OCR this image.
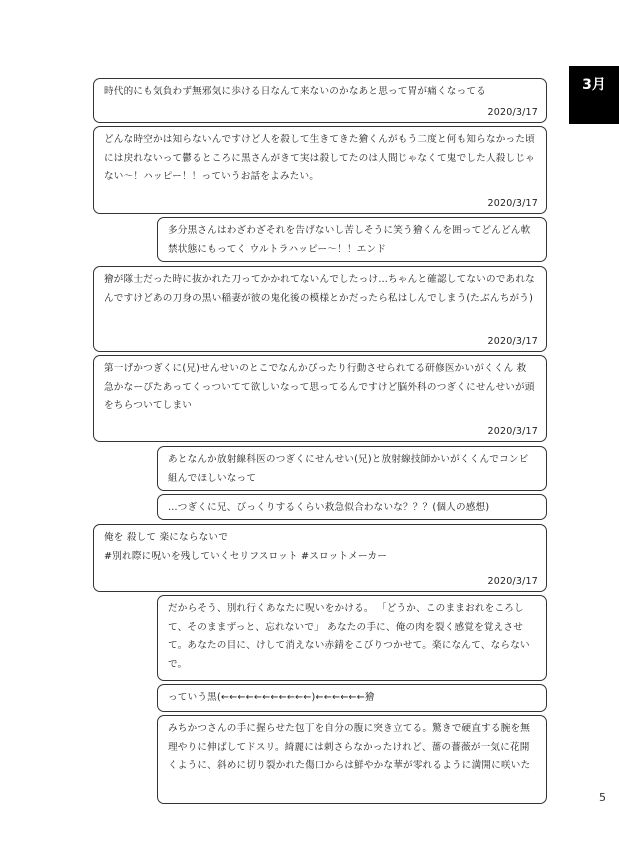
3月
時代的にも気負わず無邪気に歩ける日なんて来ないのかなあと思って胃が痛くなってる
2020/3/17
どんな時空かは知らないんですけど人を殺して生きてきた獪くんがもう二度と何も知らなかった頃には戻れないって鬱るところに黒さんがきて実は殺してたのは人間じゃなくて鬼でした人殺しじゃない～！ハッピー！！っていうお話をよみたい。
2020/3/17
多分黒さんはわざわざそれを告げないし苦しそうに笑う獪くんを囲ってどんどん軟禁状態にもってく ウルトラハッピー～！！エンド
獪が隊士だった時に抜かれた刀ってかかれてないんでしたっけ…ちゃんと確認してないのであれなんですけどあの刀身の黒い稲妻が彼の鬼化後の模様とかだったら私はしんでしまう(たぶんちがう)
2020/3/17
第一げかつぎくに(兄)せんせいのとこでなんかぴったり行動させられてる研修医かいがくくん 救急かなーぴたあってくっついてて欲しいなって思ってるんですけど脳外科のつぎくにせんせいが頭をちらついてしまい
2020/3/17
あとなんか放射線科医のつぎくにせんせい(兄)と放射線技師かいがくくんでコンビ組んでほしいなって
…つぎくに兄、びっくりするくらい救急似合わないな？？？(個人の感想)
俺を 殺して 楽にならないで
#別れ際に呪いを残していくセリフスロット #スロットメーカー
2020/3/17
だからそう、別れ行くあなたに呪いをかける。 「どうか、このままおれをころして、そのままずっと、忘れないで」 あなたの手に、俺の肉を裂く感覚を覚えさせて。あなたの目に、けして消えない赤錆をこびりつかせて。楽になんて、ならないで。
っていう黒(←←←←←←←←←←←)←←←←←←獪
みちかつさんの手に握らせた包丁を自分の腹に突き立てる。驚きで硬直する腕を無理やりに伸ばしてドスリ。綺麗には刺さらなかったけれど、薔の薔薇が一気に花開くように、斜めに切り裂かれた傷口からは鮮やかな華が零れるように満開に咲いた
5
